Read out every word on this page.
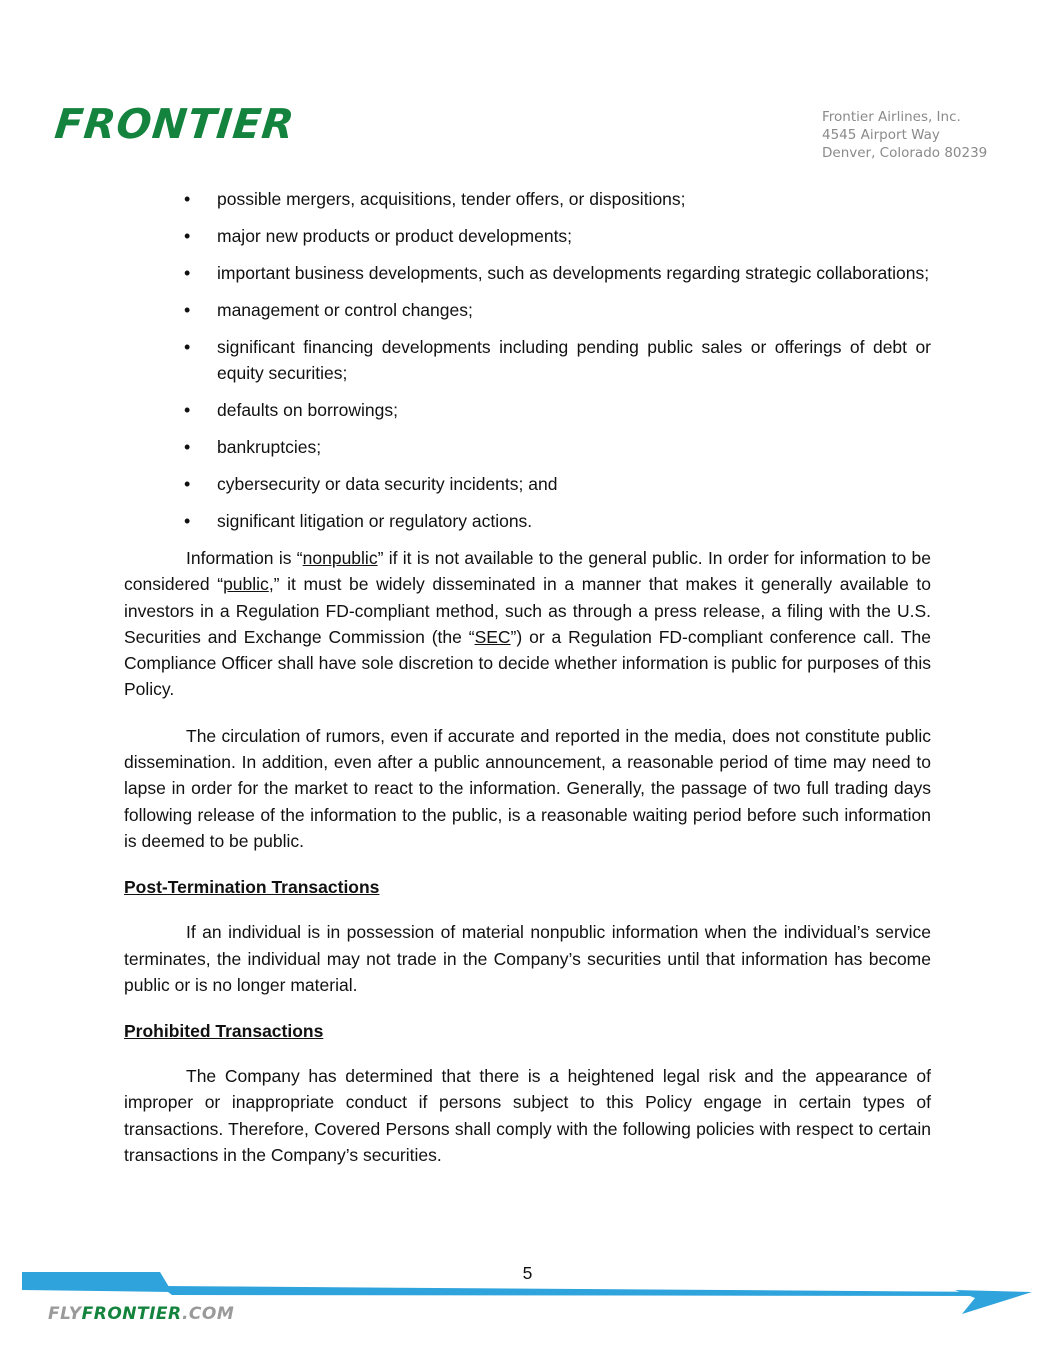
FRONTIER	Frontier Airlines, Inc.
4545 Airport Way
Denver, Colorado 80239
• possible mergers, acquisitions, tender offers, or dispositions;
• major new products or product developments;
• important business developments, such as developments regarding strategic collaborations;
• management or control changes;
• significant financing developments including pending public sales or offerings of debt or equity securities;
• defaults on borrowings;
• bankruptcies;
• cybersecurity or data security incidents; and
• significant litigation or regulatory actions.

Information is “nonpublic” if it is not available to the general public. In order for information to be considered “public,” it must be widely disseminated in a manner that makes it generally available to investors in a Regulation FD-compliant method, such as through a press release, a filing with the U.S. Securities and Exchange Commission (the “SEC”) or a Regulation FD-compliant conference call. The Compliance Officer shall have sole discretion to decide whether information is public for purposes of this Policy.

The circulation of rumors, even if accurate and reported in the media, does not constitute public dissemination. In addition, even after a public announcement, a reasonable period of time may need to lapse in order for the market to react to the information. Generally, the passage of two full trading days following release of the information to the public, is a reasonable waiting period before such information is deemed to be public.

Post-Termination Transactions

If an individual is in possession of material nonpublic information when the individual’s service terminates, the individual may not trade in the Company’s securities until that information has become public or is no longer material.

Prohibited Transactions

The Company has determined that there is a heightened legal risk and the appearance of improper or inappropriate conduct if persons subject to this Policy engage in certain types of transactions. Therefore, Covered Persons shall comply with the following policies with respect to certain transactions in the Company’s securities.

5
FLYFRONTIER.COM
